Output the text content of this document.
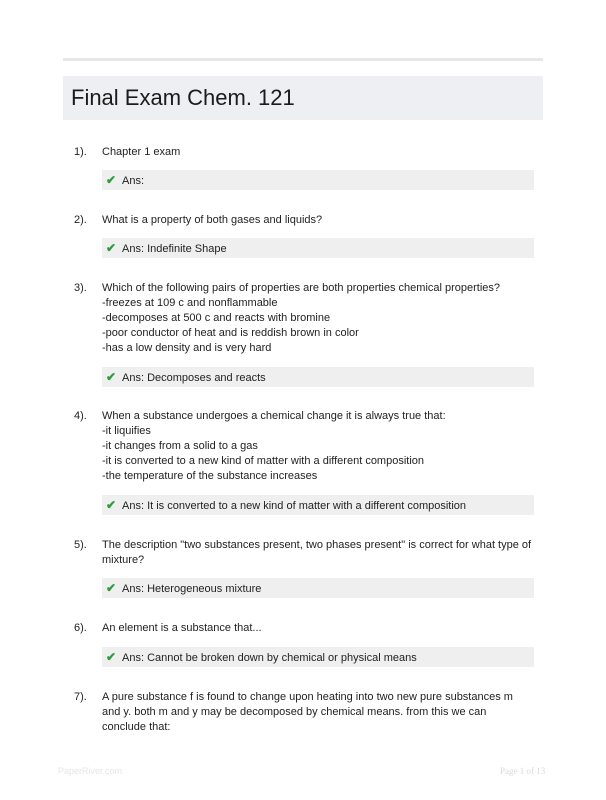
Final Exam Chem. 121
1). Chapter 1 exam
✔ Ans:
2). What is a property of both gases and liquids?
✔ Ans: Indefinite Shape
3). Which of the following pairs of properties are both properties chemical properties?
-freezes at 109 c and nonflammable
-decomposes at 500 c and reacts with bromine
-poor conductor of heat and is reddish brown in color
-has a low density and is very hard
✔ Ans: Decomposes and reacts
4). When a substance undergoes a chemical change it is always true that:
-it liquifies
-it changes from a solid to a gas
-it is converted to a new kind of matter with a different composition
-the temperature of the substance increases
✔ Ans: It is converted to a new kind of matter with a different composition
5). The description "two substances present, two phases present" is correct for what type of mixture?
✔ Ans: Heterogeneous mixture
6). An element is a substance that...
✔ Ans: Cannot be broken down by chemical or physical means
7). A pure substance f is found to change upon heating into two new pure substances m and y. both m and y may be decomposed by chemical means. from this we can conclude that:
PaperRiver.com	Page 1 of 13
